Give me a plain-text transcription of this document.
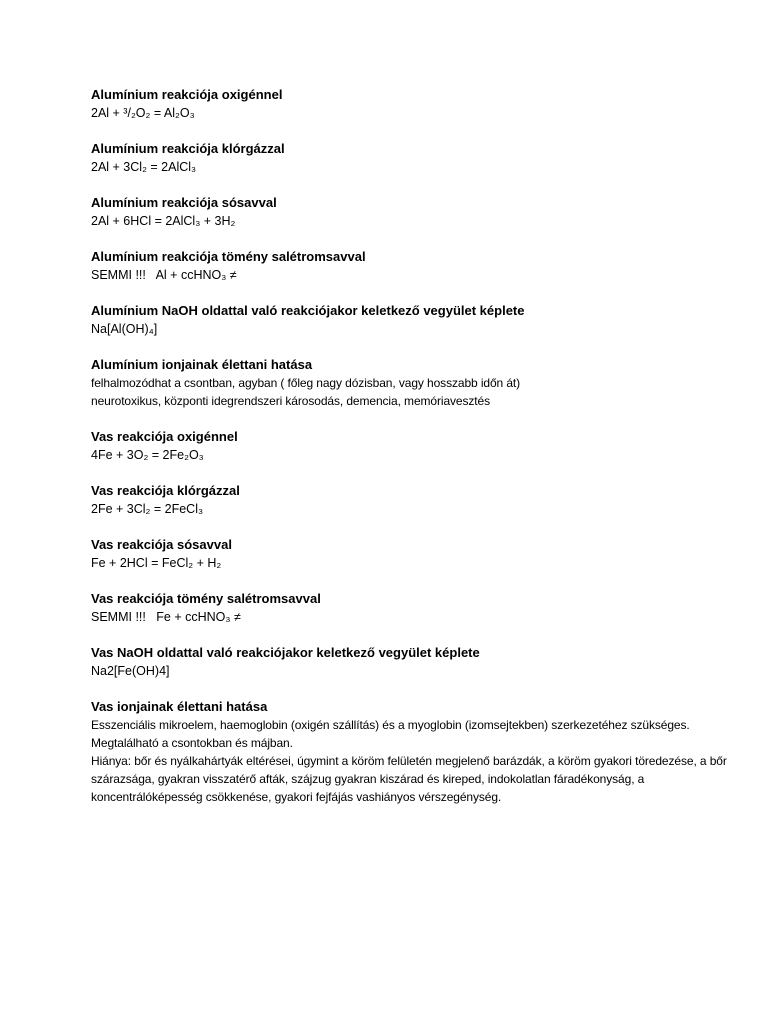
Alumínium reakciója oxigénnel
2Al + ³/₂O₂ = Al₂O₃
Alumínium reakciója klórgázzal
2Al + 3Cl₂ = 2AlCl₃
Alumínium reakciója sósavval
2Al + 6HCl = 2AlCl₃ + 3H₂
Alumínium reakciója tömény salétromsavval
SEMMI !!!   Al + ccHNO₃ ≠
Alumínium NaOH oldattal való reakciójakor keletkező vegyület képlete
Na[Al(OH)₄]
Alumínium ionjainak élettani hatása
felhalmozódhat a csontban, agyban ( főleg nagy dózisban, vagy hosszabb időn át)
neurotoxikus, központi idegrendszeri károsodás, demencia, memóriavesztés
Vas reakciója oxigénnel
4Fe + 3O₂ = 2Fe₂O₃
Vas reakciója klórgázzal
2Fe + 3Cl₂ = 2FeCl₃
Vas reakciója sósavval
Fe + 2HCl = FeCl₂ + H₂
Vas reakciója tömény salétromsavval
SEMMI !!!   Fe + ccHNO₃ ≠
Vas NaOH oldattal való reakciójakor keletkező vegyület képlete
Na2[Fe(OH)4]
Vas ionjainak élettani hatása
Esszenciális mikroelem, haemoglobin (oxigén szállítás) és a myoglobin (izomsejtekben) szerkezetéhez szükséges. Megtalálható a csontokban és májban.
Hiánya: bőr és nyálkahártyák eltérései, úgymint a köröm felületén megjelenő barázdák, a köröm gyakori töredezése, a bőr szárazsága, gyakran visszatérő afták, szájzug gyakran kiszárad és kireped, indokolatlan fáradékonyság, a koncentrálóképesség csökkenése, gyakori fejfájás vashiányos vérszegénység.
